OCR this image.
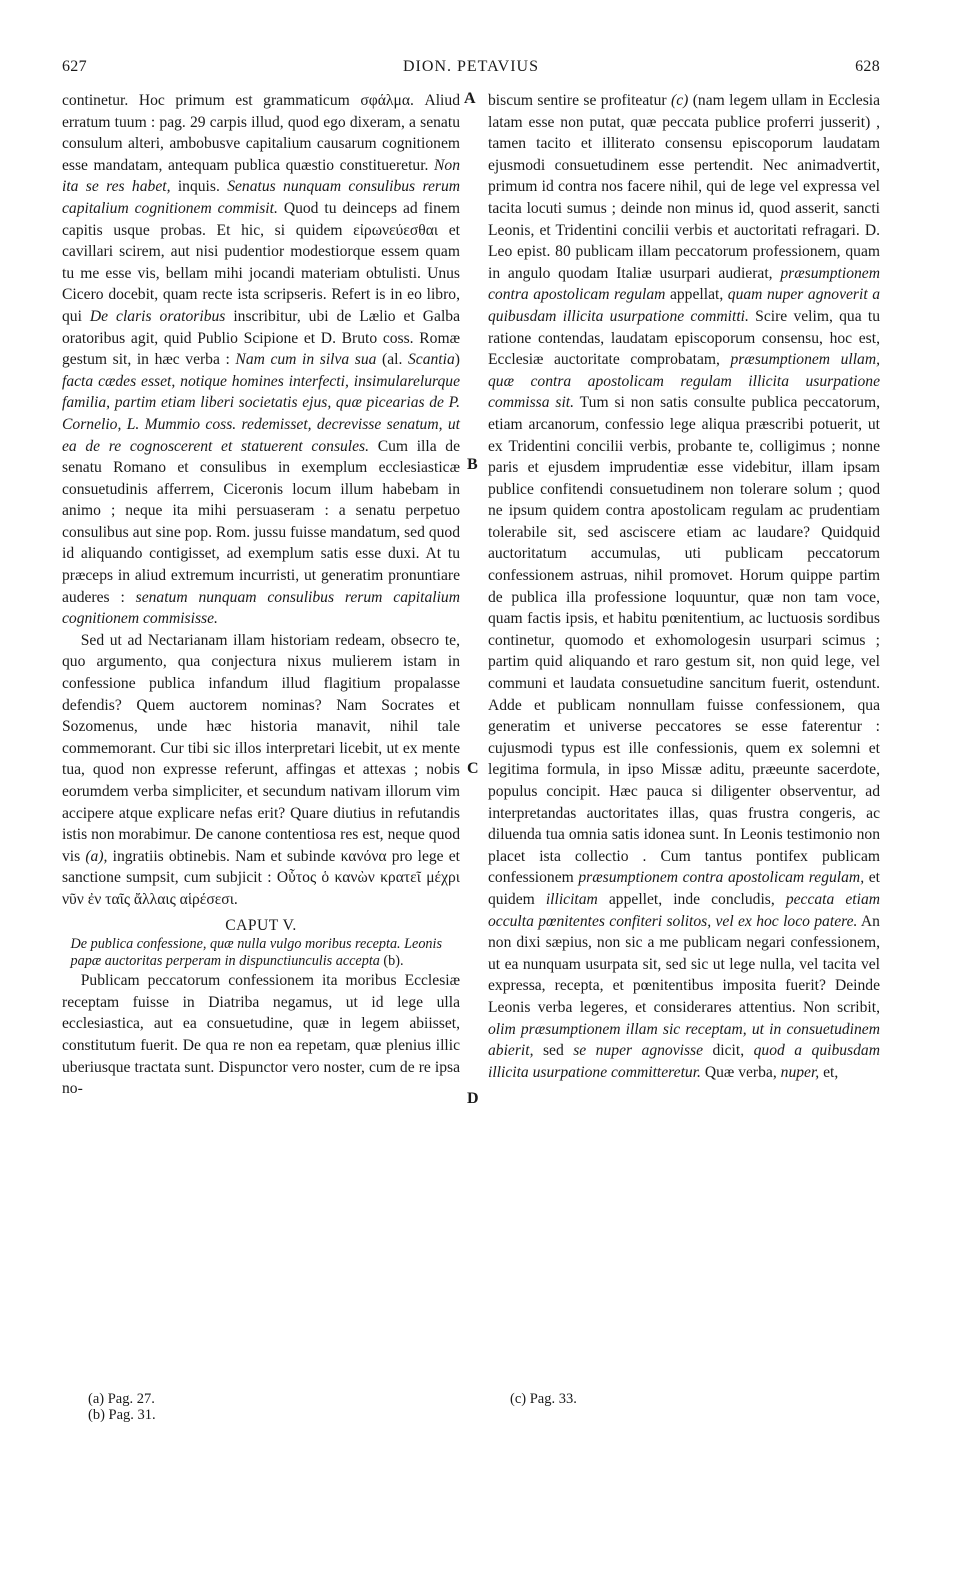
627	DION. PETAVIUS	628

continetur. Hoc primum est grammaticum σφάλμα. Aliud erratum tuum : pag. 29 carpis illud, quod ego dixeram, a senatu consulum alteri, ambobusve capitalium causarum cognitionem esse mandatam, antequam publica quæstio constitueretur. Non ita se res habet, inquis. Senatus nunquam consulibus rerum capitalium cognitionem commisit. Quod tu deinceps ad finem capitis usque probas. Et hic, si quidem εἰρωνεύεσθαι et cavillari scirem, aut nisi pudentior modestiorque essem quam tu me esse vis, bellam mihi jocandi materiam obtulisti. Unus Cicero docebit, quam recte ista scripseris. Refert is in eo libro, qui De claris oratoribus inscribitur, ubi de Lælio et Galba oratoribus agit, quid Publio Scipione et D. Bruto coss. Romæ gestum sit, in hæc verba : Nam cum in silva sua (al. Scantia) facta cædes esset, notique homines interfecti, insimularelurque familia, partim etiam liberi societatis ejus, quæ picearias de P. Cornelio, L. Mummio coss. redemisset, decrevisse senatum, ut ea de re cognoscerent et statuerent consules. Cum illa de senatu Romano et consulibus in exemplum ecclesiasticæ consuetudinis afferrem, Ciceronis locum illum habebam in animo ; neque ita mihi persuaseram : a senatu perpetuo consulibus aut sine pop. Rom. jussu fuisse mandatum, sed quod id aliquando contigisset, ad exemplum satis esse duxi. At tu præceps in aliud extremum incurristi, ut generatim pronuntiare auderes : senatum nunquam consulibus rerum capitalium cognitionem commisisse.

Sed ut ad Nectarianam illam historiam redeam, obsecro te, quo argumento, qua conjectura nixus mulierem istam in confessione publica infandum illud flagitium propalasse defendis? Quem auctorem nominas? Nam Socrates et Sozomenus, unde hæc historia manavit, nihil tale commemorant. Cur tibi sic illos interpretari licebit, ut ex mente tua, quod non expresse referunt, affingas et attexas ; nobis eorumdem verba simpliciter, et secundum nativam illorum vim accipere atque explicare nefas erit? Quare diutius in refutandis istis non morabimur. De canone contentiosa res est, neque quod vis (a), ingratiis obtinebis. Nam et subinde κανόνα pro lege et sanctione sumpsit, cum subjicit : Οὗτος ὁ κανὼν κρατεῖ μέχρι νῦν ἐν ταῖς ἄλλαις αἱρέσεσι.

CAPUT V.

De publica confessione, quæ nulla vulgo moribus recepta. Leonis papæ auctoritas perperam in dispunctiunculis accepta (b).

Publicam peccatorum confessionem ita moribus Ecclesiæ receptam fuisse in Diatriba negamus, ut id lege ulla ecclesiastica, aut ea consuetudine, quæ in legem abiisset, constitutum fuerit. De qua re non ea repetam, quæ plenius illic uberiusque tractata sunt. Dispunctor vero noster, cum de re ipsa no-

biscum sentire se profiteatur (c) (nam legem ullam in Ecclesia latam esse non putat, quæ peccata publice proferri jusserit) , tamen tacito et illiterato consensu episcoporum laudatam ejusmodi consuetudinem esse pertendit. Nec animadvertit, primum id contra nos facere nihil, qui de lege vel expressa vel tacita locuti sumus ; deinde non minus id, quod asserit, sancti Leonis, et Tridentini concilii verbis et auctoritati refragari. D. Leo epist. 80 publicam illam peccatorum professionem, quam in angulo quodam Italiæ usurpari audierat, præsumptionem contra apostolicam regulam appellat, quam nuper agnoverit a quibusdam illicita usurpatione committi. Scire velim, qua tu ratione contendas, laudatam episcoporum consensu, hoc est, Ecclesiæ auctoritate comprobatam, præsumptionem ullam, quæ contra apostolicam regulam illicita usurpatione commissa sit. Tum si non satis consulte publica peccatorum, etiam arcanorum, confessio lege aliqua præscribi potuerit, ut ex Tridentini concilii verbis, probante te, colligimus ; nonne paris et ejusdem imprudentiæ esse videbitur, illam ipsam publice confitendi consuetudinem non tolerare solum ; quod ne ipsum quidem contra apostolicam regulam ac prudentiam tolerabile sit, sed asciscere etiam ac laudare? Quidquid auctoritatum accumulas, uti publicam peccatorum confessionem astruas, nihil promovet. Horum quippe partim de publica illa professione loquuntur, quæ non tam voce, quam factis ipsis, et habitu pœnitentium, ac luctuosis sordibus continetur, quomodo et exhomologesin usurpari scimus ; partim quid aliquando et raro gestum sit, non quid lege, vel communi et laudata consuetudine sancitum fuerit, ostendunt. Adde et publicam nonnullam fuisse confessionem, qua generatim et universe peccatores se esse faterentur : cujusmodi typus est ille confessionis, quem ex solemni et legitima formula, in ipso Missæ aditu, præeunte sacerdote, populus concipit. Hæc pauca si diligenter observentur, ad interpretandas auctoritates illas, quas frustra congeris, ac diluenda tua omnia satis idonea sunt. In Leonis testimonio non placet ista collectio . Cum tantus pontifex publicam confessionem præsumptionem contra apostolicam regulam, et quidem illicitam appellet, inde concludis, peccata etiam occulta pœnitentes confiteri solitos, vel ex hoc loco patere. An non dixi sæpius, non sic a me publicam negari confessionem, ut ea nunquam usurpata sit, sed sic ut lege nulla, vel tacita vel expressa, recepta, et pœnitentibus imposita fuerit? Deinde Leonis verba legeres, et considerares attentius. Non scribit, olim præsumptionem illam sic receptam, ut in consuetudinem abierit, sed se nuper agnovisse dicit, quod a quibusdam illicita usurpatione committeretur. Quæ verba, nuper, et,

A
B
C
D
(a) Pag. 27.
(b) Pag. 31.
(c) Pag. 33.
